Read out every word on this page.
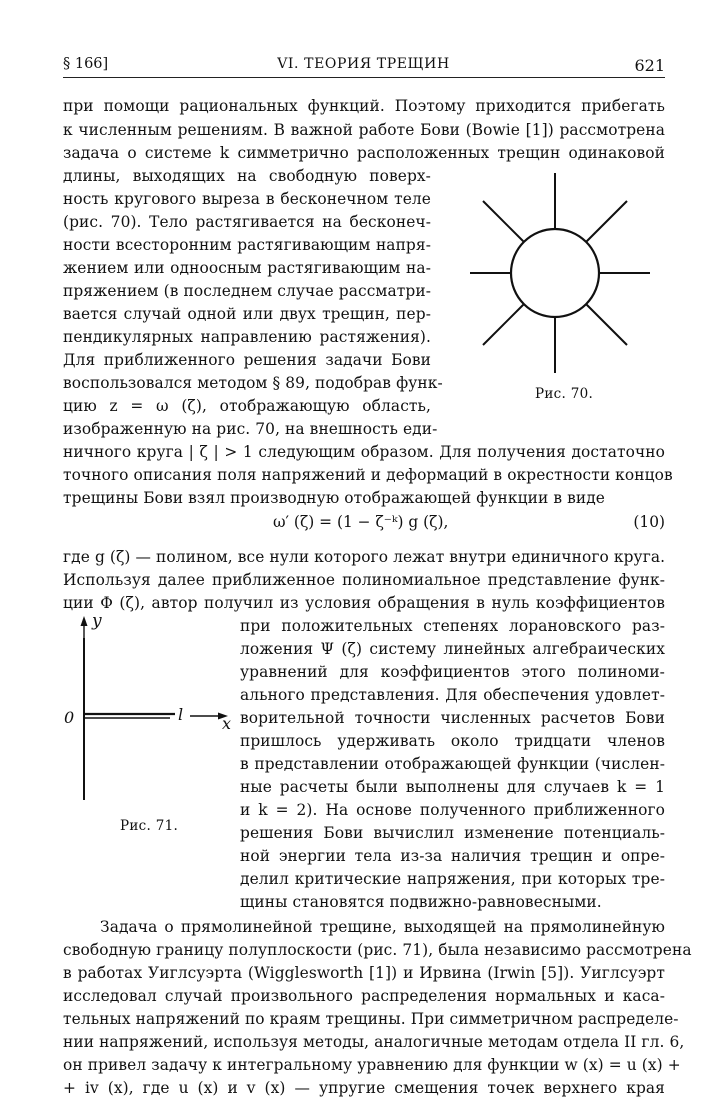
§ 166]	VI. ТЕОРИЯ ТРЕЩИН	621
при помощи рациональных функций. Поэтому приходится прибегать
к численным решениям. В важной работе Бови (Bowie [1]) рассмотрена
задача о системе k симметрично расположенных трещин одинаковой
длины, выходящих на свободную поверх-
ность кругового выреза в бесконечном теле
(рис. 70). Тело растягивается на бесконеч-
ности всесторонним растягивающим напря-
жением или одноосным растягивающим на-
пряжением (в последнем случае рассматри-
вается случай одной или двух трещин, пер-
пендикулярных направлению растяжения).
Для приближенного решения задачи Бови
воспользовался методом § 89, подобрав функ-
цию z = ω (ζ), отображающую область,
изображенную на рис. 70, на внешность еди-
ничного круга | ζ | > 1 следующим образом. Для получения достаточно
точного описания поля напряжений и деформаций в окрестности концов
трещины Бови взял производную отображающей функции в виде
ω′ (ζ) = (1 − ζ⁻ᵏ) g (ζ),	(10)
где g (ζ) — полином, все нули которого лежат внутри единичного круга.
Используя далее приближенное полиномиальное представление функ-
ции Φ (ζ), автор получил из условия обращения в нуль коэффициентов
при положительных степенях лорановского раз-
ложения Ψ (ζ) систему линейных алгебраических
уравнений для коэффициентов этого полиноми-
ального представления. Для обеспечения удовлет-
ворительной точности численных расчетов Бови
пришлось удерживать около тридцати членов
в представлении отображающей функции (числен-
ные расчеты были выполнены для случаев k = 1
и k = 2). На основе полученного приближенного
решения Бови вычислил изменение потенциаль-
ной энергии тела из-за наличия трещин и опре-
делил критические напряжения, при которых тре-
щины становятся подвижно-равновесными.
Задача о прямолинейной трещине, выходящей на прямолинейную
свободную границу полуплоскости (рис. 71), была независимо рассмотрена
в работах Уиглсуэрта (Wigglesworth [1]) и Ирвина (Irwin [5]). Уиглсуэрт
исследовал случай произвольного распределения нормальных и каса-
тельных напряжений по краям трещины. При симметричном распределе-
нии напряжений, используя методы, аналогичные методам отдела II гл. 6,
он привел задачу к интегральному уравнению для функции w (x) = u (x) +
+ iv (x), где u (x) и v (x) — упругие смещения точек верхнего края
Рис. 70.
y
0	l x
Рис. 71.
